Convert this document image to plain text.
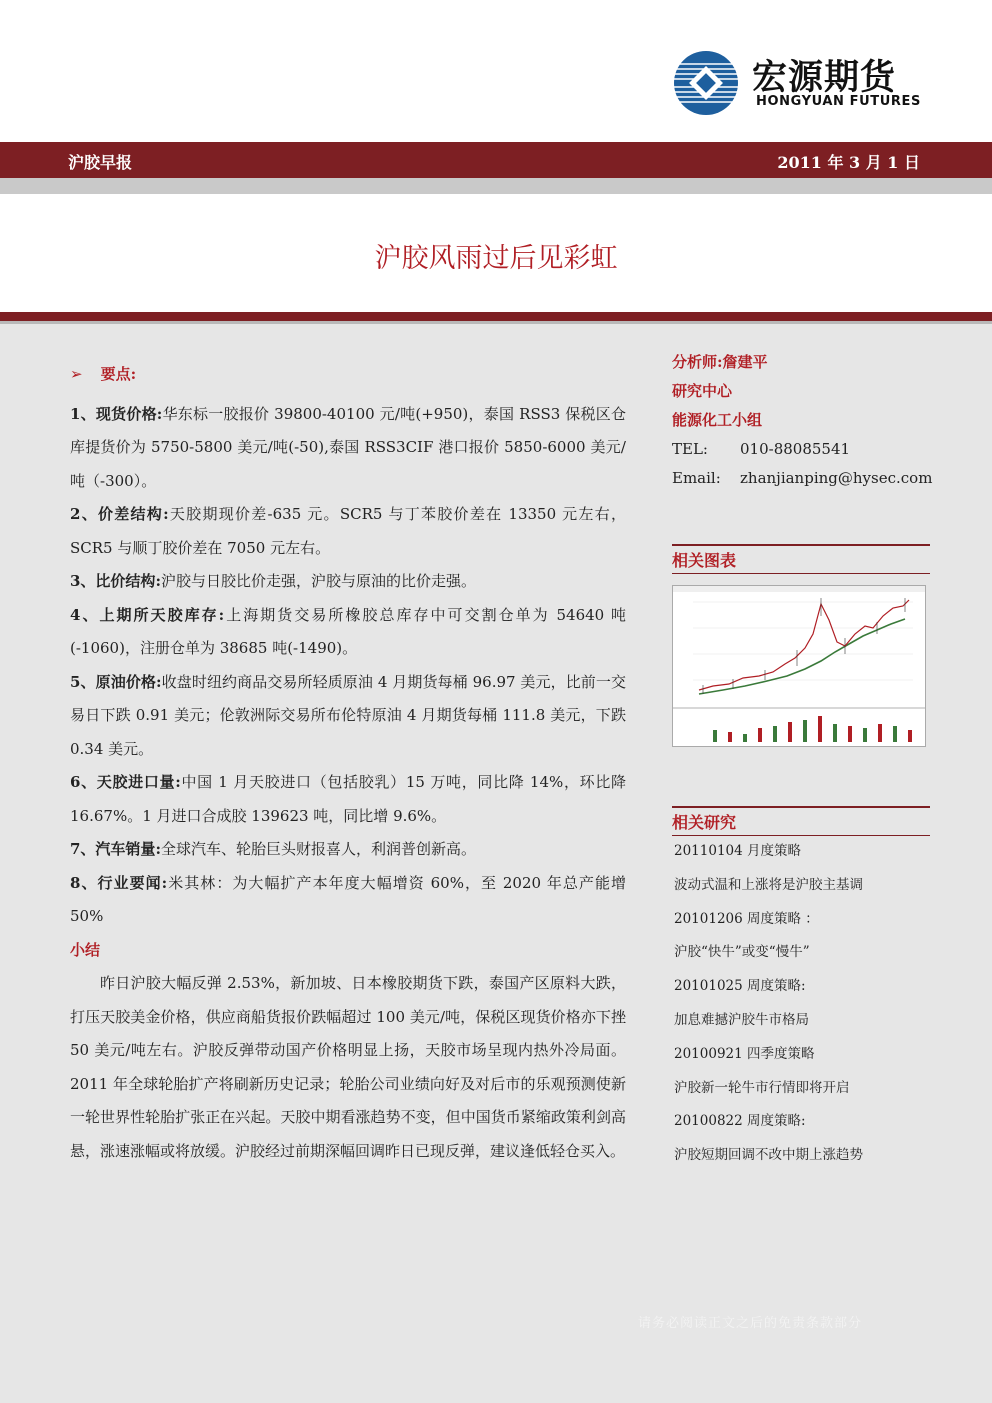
宏源期货
HONGYUAN FUTURES
沪胶早报	2011 年 3 月 1 日
沪胶风雨过后见彩虹

➢ 要点:

1、现货价格:华东标一胶报价 39800-40100 元/吨(+950)，泰国 RSS3 保税区仓库提货价为 5750-5800 美元/吨(-50),泰国 RSS3CIF 港口报价 5850-6000 美元/吨（-300）。

2、价差结构:天胶期现价差-635 元。SCR5 与丁苯胶价差在 13350 元左右，SCR5 与顺丁胶价差在 7050 元左右。

3、比价结构:沪胶与日胶比价走强，沪胶与原油的比价走强。

4、上期所天胶库存:上海期货交易所橡胶总库存中可交割仓单为 54640 吨(-1060)，注册仓单为 38685 吨(-1490)。

5、原油价格:收盘时纽约商品交易所轻质原油 4 月期货每桶 96.97 美元，比前一交易日下跌 0.91 美元；伦敦洲际交易所布伦特原油 4 月期货每桶 111.8 美元，下跌 0.34 美元。

6、天胶进口量:中国 1 月天胶进口（包括胶乳）15 万吨，同比降 14%，环比降 16.67%。1 月进口合成胶 139623 吨，同比增 9.6%。

7、汽车销量:全球汽车、轮胎巨头财报喜人，利润普创新高。

8、行业要闻:米其林：为大幅扩产本年度大幅增资 60%，至 2020 年总产能增 50%

小结

昨日沪胶大幅反弹 2.53%，新加坡、日本橡胶期货下跌，泰国产区原料大跌，打压天胶美金价格，供应商船货报价跌幅超过 100 美元/吨，保税区现货价格亦下挫 50 美元/吨左右。沪胶反弹带动国产价格明显上扬，天胶市场呈现内热外冷局面。2011 年全球轮胎扩产将刷新历史记录；轮胎公司业绩向好及对后市的乐观预测使新一轮世界性轮胎扩张正在兴起。天胶中期看涨趋势不变，但中国货币紧缩政策利剑高悬，涨速涨幅或将放缓。沪胶经过前期深幅回调昨日已现反弹，建议逢低轻仓买入。

分析师:詹建平
研究中心
能源化工小组
TEL: 010-88085541
Email: zhanjianping@hysec.com
相关图表
相关研究
20110104 月度策略
波动式温和上涨将是沪胶主基调
20101206 周度策略 ：
沪胶“快牛”或变“慢牛”
20101025 周度策略:
加息难撼沪胶牛市格局
20100921 四季度策略
沪胶新一轮牛市行情即将开启
20100822 周度策略:
沪胶短期回调不改中期上涨趋势
请务必阅读正文之后的免责条款部分
